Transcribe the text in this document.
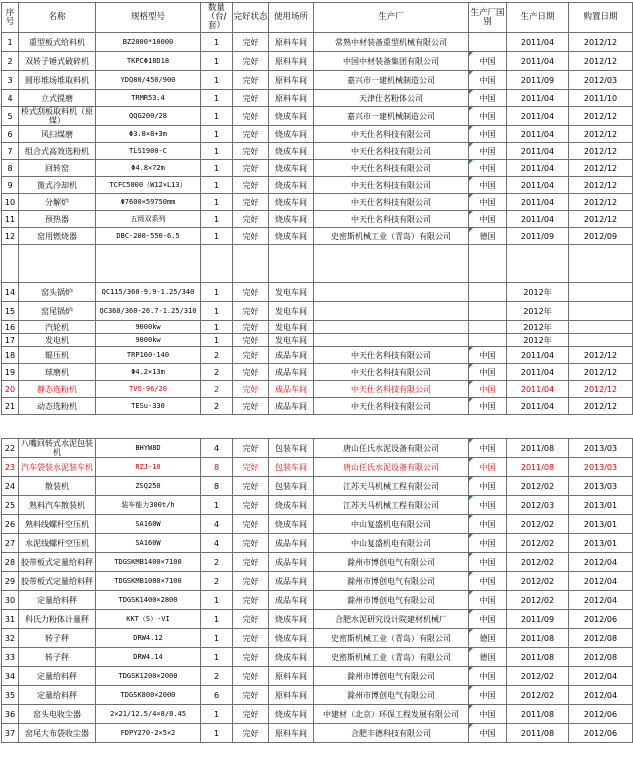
序号	名称	规格型号	数量（台/套）	完好状态	使用场所	生产厂	生产厂国别	生产日期	购置日期
1	重型板式给料机	BZ2000*10000	1	完好	原料车间	常熟中材装备重型机械有限公司		2011/04	2012/12
2	双转子锤式破碎机	TKPCΦ18D18	1	完好	原料车间	中国中材装备集团有限公司	中国	2011/04	2012/12
3	圆形堆场堆取料机	YDQ80/450/900	1	完好	原料车间	嘉兴市一建机械制造公司	中国	2011/09	2012/03
4	立式提磨	TRMR53.4	1	完好	原料车间	天津仕名粉体公司	中国	2011/04	2011/10
5	桥式刮板取料机（原煤）	QQG200/28	1	完好	烧成车间	嘉兴市一建机械制造公司	中国	2011/04	2012/12
6	风扫煤磨	Φ3.8×8+3m	1	完好	烧成车间	中天仕名科技有限公司	中国	2011/04	2012/12
7	组合式高效选粉机	TLS1900-C	1	完好	烧成车间	中天仕名科技有限公司	中国	2011/04	2012/12
8	回转窑	Φ4.8×72m	1	完好	烧成车间	中天仕名科技有限公司	中国	2011/04	2012/12
9	篦式冷却机	TCFC5000（W12×L13）	1	完好	烧成车间	中天仕名科技有限公司	中国	2011/04	2012/12
10	分解炉	Φ7600×59750mm	1	完好	烧成车间	中天仕名科技有限公司	中国	2011/04	2012/12
11	预热器	五级双系列	1	完好	烧成车间	中天仕名科技有限公司	中国	2011/04	2012/12
12	窑用燃烧器	DBC-200-550-6.5	1	完好	烧成车间	史密斯机械工业（青岛）有限公司	德国	2011/09	2012/09

14	窑头锅炉	QC115/360-9.9-1.25/340	1	完好	发电车间			2012年	
15	窑尾锅炉	QC360/360-26.7-1.25/310	1	完好	发电车间			2012年	
16	汽轮机	9000kw	1	完好	发电车间			2012年	
17	发电机	9000kw	1	完好	发电车间			2012年	
18	辊压机	TRP160-140	2	完好	成品车间	中天仕名科技有限公司	中国	2011/04	2012/12
19	球磨机	Φ4.2×13m	2	完好	成品车间	中天仕名科技有限公司	中国	2011/04	2012/12
20	静态选粉机	TVS-96/20	2	完好	成品车间	中天仕名科技有限公司	中国	2011/04	2012/12
21	动态选粉机	TESu-330	2	完好	成品车间	中天仕名科技有限公司	中国	2011/04	2012/12
22	八嘴回转式水泥包装机	BHYW8D	4	完好	包装车间	唐山任氏水泥设备有限公司	中国	2011/08	2013/03
23	汽车袋装水泥装车机	RZJ-10	8	完好	包装车间	唐山任氏水泥设备有限公司	中国	2011/08	2013/03
24	散装机	ZSQ250	8	完好	包装车间	江苏天马机械工程有限公司	中国	2012/02	2013/03
25	熟料汽车散装机	装车能力300t/h	1	完好	烧成车间	江苏天马机械工程有限公司	中国	2012/03	2013/01
26	熟料线螺杆空压机	SA160W	4	完好	烧成车间	中山复盛机电有限公司	中国	2012/02	2013/01
27	水泥线螺杆空压机	SA160W	4	完好	成品车间	中山复盛机电有限公司	中国	2012/02	2013/01
28	胶带板式定量给料秤	TDGSKMB1400×7100	2	完好	成品车间	滁州市博创电气有限公司	中国	2012/02	2012/04
29	胶带板式定量给料秤	TDGSKMB1000×7100	2	完好	成品车间	滁州市博创电气有限公司	中国	2012/02	2012/04
30	定量给料秤	TDGSK1400×2800	1	完好	成品车间	滁州市博创电气有限公司	中国	2012/02	2012/04
31	科氏力粉体计量秤	KKT（S）-VI	1	完好	烧成车间	合肥水泥研究设计院建材机械厂	中国	2011/09	2012/06
32	转子秤	DRW4.12	1	完好	烧成车间	史密斯机械工业（青岛）有限公司	德国	2011/08	2012/08
33	转子秤	DRW4.14	1	完好	烧成车间	史密斯机械工业（青岛）有限公司	德国	2011/08	2012/08
34	定量给料秤	TDGSK1200×2000	2	完好	原料车间	滁州市博创电气有限公司	中国	2012/02	2012/04
35	定量给料秤	TDGSK800×2000	6	完好	原料车间	滁州市博创电气有限公司	中国	2012/02	2012/04
36	窑头电收尘器	2×21/12.5/4×8/0.45	1	完好	烧成车间	中建材（北京）环保工程发展有限公司	中国	2011/08	2012/06
37	窑尾大布袋收尘器	FDPY270-2×5×2	1	完好	原料车间	合肥丰德科技有限公司	中国	2011/08	2012/06
